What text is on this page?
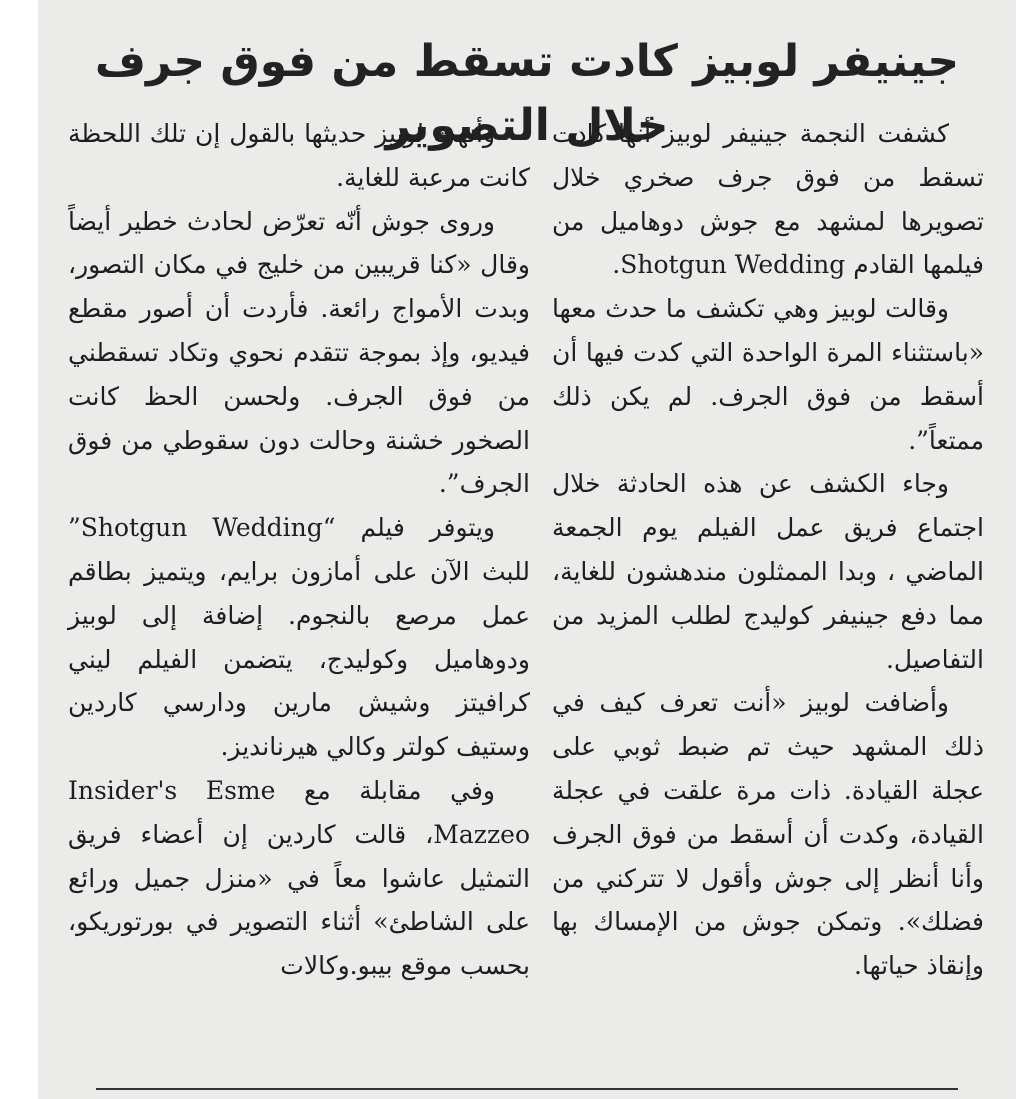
جينيفر لوبيز كادت تسقط من فوق جرف خلال التصوير

كشفت النجمة جينيفر لوبيز أنها كادت تسقط من فوق جرف صخري خلال تصويرها لمشهد مع جوش دوهاميل من فيلمها القادم Shotgun Wedding.

وقالت لوبيز وهي تكشف ما حدث معها «باستثناء المرة الواحدة التي كدت فيها أن أسقط من فوق الجرف. لم يكن ذلك ممتعاً”.

وجاء الكشف عن هذه الحادثة خلال اجتماع فريق عمل الفيلم يوم الجمعة الماضي ، وبدا الممثلون مندهشون للغاية، مما دفع جينيفر كوليدج لطلب المزيد من التفاصيل.

وأضافت لوبيز «أنت تعرف كيف في ذلك المشهد حيث تم ضبط ثوبي على عجلة القيادة. ذات مرة علقت في عجلة القيادة، وكدت أن أسقط من فوق الجرف وأنا أنظر إلى جوش وأقول لا تتركني من فضلك». وتمكن جوش من الإمساك بها وإنقاذ حياتها.

وأنهت لوبيز حديثها بالقول إن تلك اللحظة كانت مرعبة للغاية.

وروى جوش أنّه تعرّض لحادث خطير أيضاً وقال «كنا قريبين من خليج في مكان التصور، وبدت الأمواج رائعة. فأردت أن أصور مقطع فيديو، وإذ بموجة تتقدم نحوي وتكاد تسقطني من فوق الجرف. ولحسن الحظ كانت الصخور خشنة وحالت دون سقوطي من فوق الجرف”.

ويتوفر فيلم “Shotgun Wedding” للبث الآن على أمازون برايم، ويتميز بطاقم عمل مرصع بالنجوم. إضافة إلى لوبيز ودوهاميل وكوليدج، يتضمن الفيلم ليني كرافيتز وشيش مارين ودارسي كاردين وستيف كولتر وكالي هيرنانديز.

وفي مقابلة مع Insider's Esme Mazzeo، قالت كاردين إن أعضاء فريق التمثيل عاشوا معاً في «منزل جميل ورائع على الشاطئ» أثناء التصوير في بورتوريكو، بحسب موقع بيبو.وكالات
